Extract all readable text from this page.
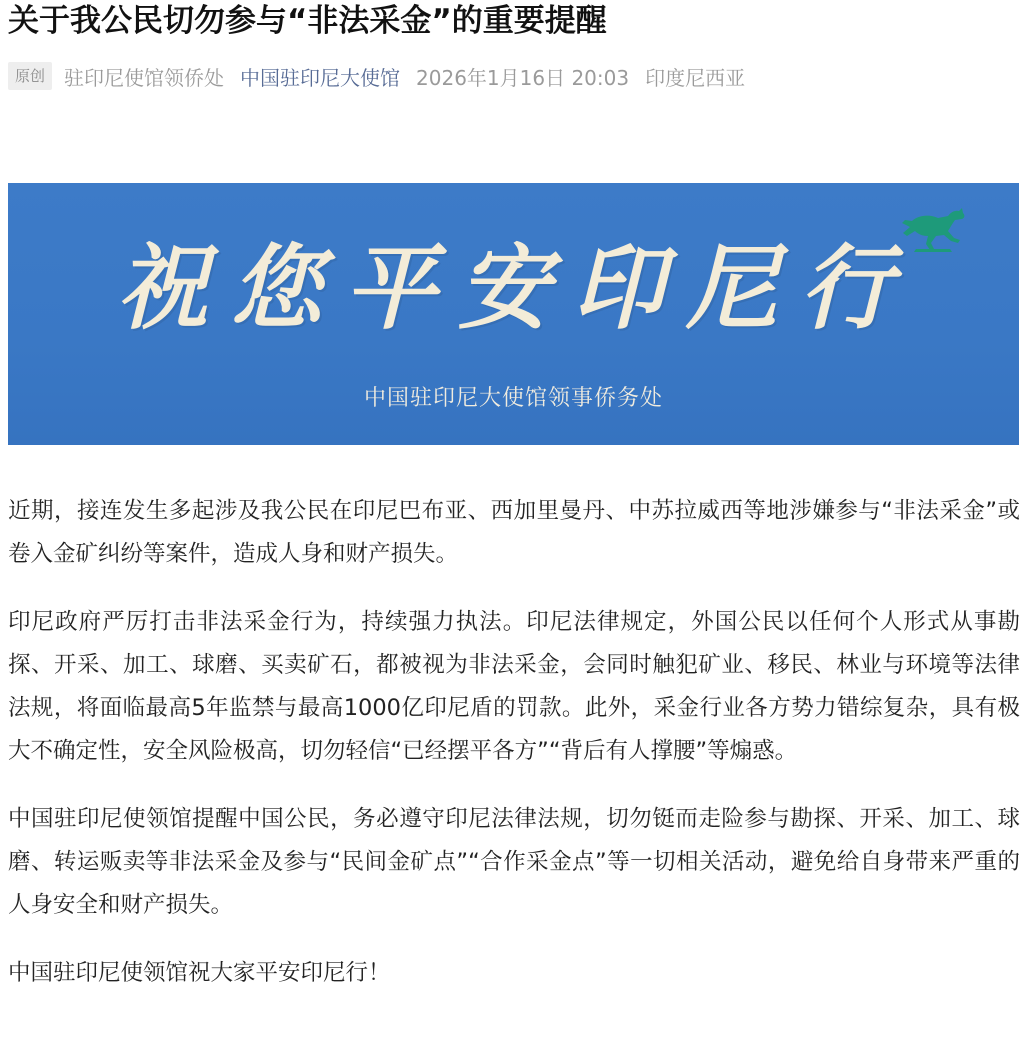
关于我公民切勿参与“非法采金”的重要提醒
原创 驻印尼使馆领侨处 中国驻印尼大使馆 2026年1月16日 20:03 印度尼西亚
祝您平安印尼行
中国驻印尼大使馆领事侨务处

近期，接连发生多起涉及我公民在印尼巴布亚、西加里曼丹、中苏拉威西等地涉嫌参与“非法采金”或卷入金矿纠纷等案件，造成人身和财产损失。

印尼政府严厉打击非法采金行为，持续强力执法。印尼法律规定，外国公民以任何个人形式从事勘探、开采、加工、球磨、买卖矿石，都被视为非法采金，会同时触犯矿业、移民、林业与环境等法律法规，将面临最高5年监禁与最高1000亿印尼盾的罚款。此外，采金行业各方势力错综复杂，具有极大不确定性，安全风险极高，切勿轻信“已经摆平各方”“背后有人撑腰”等煽惑。

中国驻印尼使领馆提醒中国公民，务必遵守印尼法律法规，切勿铤而走险参与勘探、开采、加工、球磨、转运贩卖等非法采金及参与“民间金矿点”“合作采金点”等一切相关活动，避免给自身带来严重的人身安全和财产损失。

中国驻印尼使领馆祝大家平安印尼行！
